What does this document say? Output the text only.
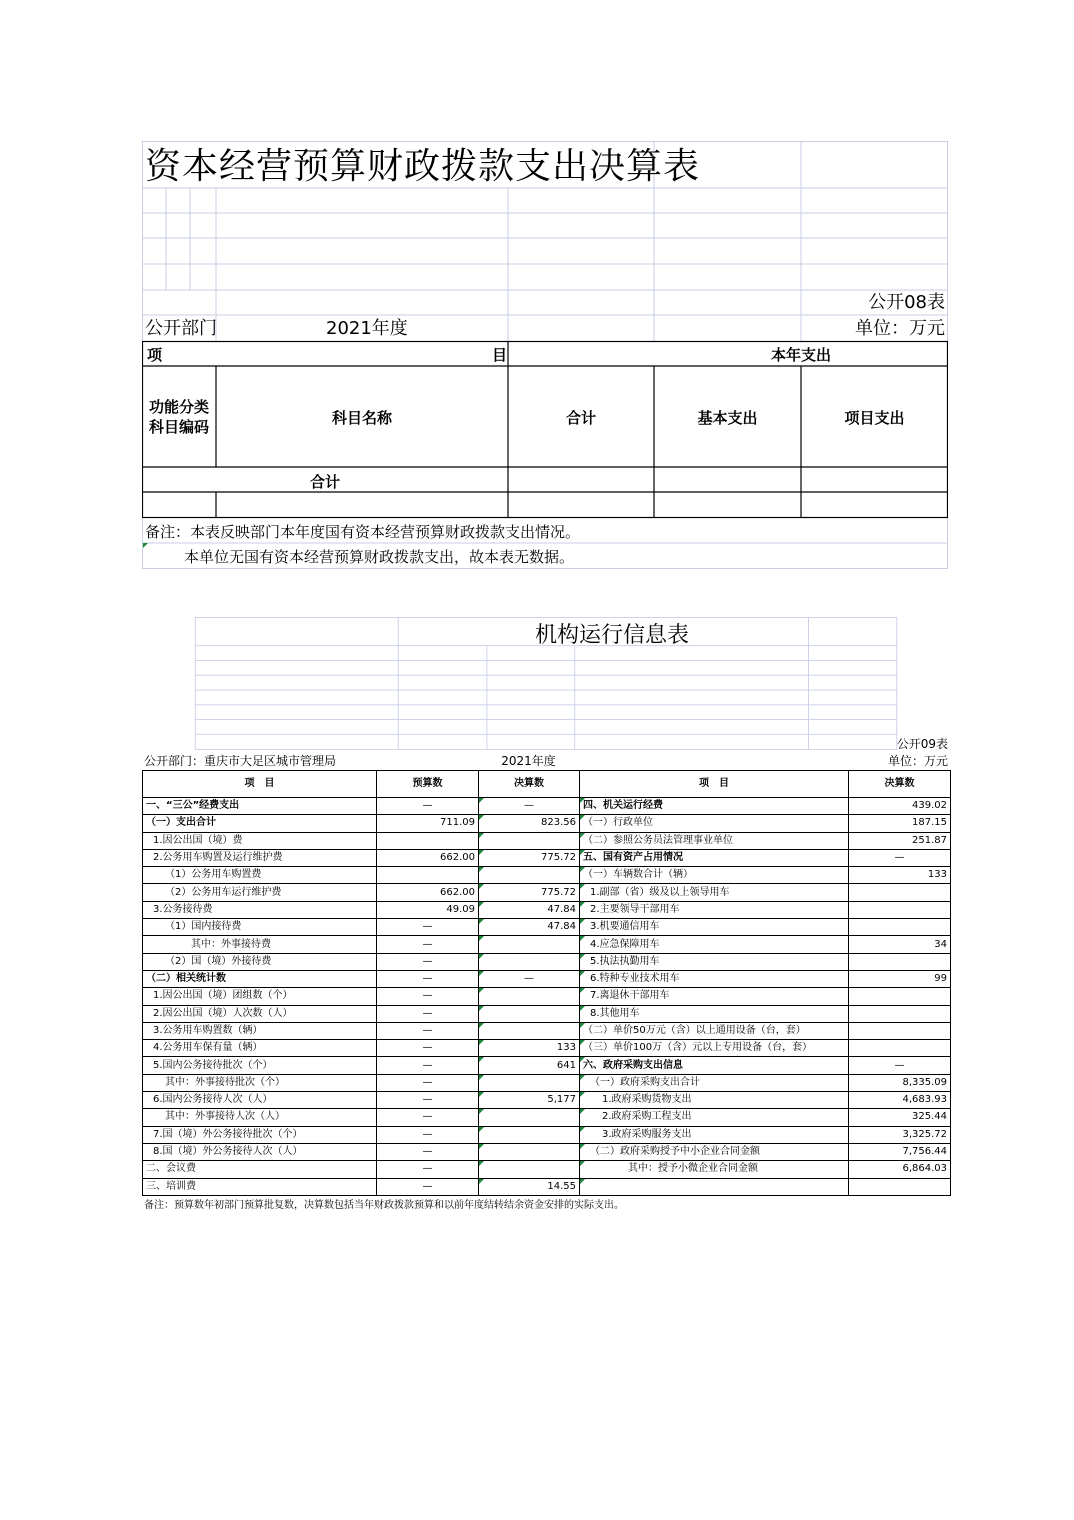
资本经营预算财政拨款支出决算表
公开08表
公开部门	2021年度	单位：万元
项	目	本年支出
功能分类
科目编码	科目名称	合计	基本支出	项目支出
合计
备注：本表反映部门本年度国有资本经营预算财政拨款支出情况。
本单位无国有资本经营预算财政拨款支出，故本表无数据。
机构运行信息表
公开09表
公开部门：重庆市大足区城市管理局	2021年度	单位：万元
项　目	预算数	决算数	项　目	决算数
一、“三公”经费支出	—	—	四、机关运行经费	439.02
（一）支出合计	711.09	823.56	（一）行政单位	187.15
1.因公出国（境）费			（二）参照公务员法管理事业单位	251.87
2.公务用车购置及运行维护费	662.00	775.72	五、国有资产占用情况	—
（1）公务用车购置费			（一）车辆数合计（辆）	133
（2）公务用车运行维护费	662.00	775.72	1.副部（省）级及以上领导用车	
3.公务接待费	49.09	47.84	2.主要领导干部用车	
（1）国内接待费	—	47.84	3.机要通信用车	
其中：外事接待费	—		4.应急保障用车	34
（2）国（境）外接待费	—		5.执法执勤用车	
（二）相关统计数	—	—	6.特种专业技术用车	99
1.因公出国（境）团组数（个）	—		7.离退休干部用车	
2.因公出国（境）人次数（人）	—		8.其他用车	
3.公务用车购置数（辆）	—		（二）单价50万元（含）以上通用设备（台，套）	
4.公务用车保有量（辆）	—	133	（三）单价100万（含）元以上专用设备（台，套）	
5.国内公务接待批次（个）	—	641	六、政府采购支出信息	—
其中：外事接待批次（个）	—		（一）政府采购支出合计	8,335.09
6.国内公务接待人次（人）	—	5,177	1.政府采购货物支出	4,683.93
其中：外事接待人次（人）	—		2.政府采购工程支出	325.44
7.国（境）外公务接待批次（个）	—		3.政府采购服务支出	3,325.72
8.国（境）外公务接待人次（人）	—		（二）政府采购授予中小企业合同金额	7,756.44
二、会议费	—		其中：授予小微企业合同金额	6,864.03
三、培训费	—	14.55		
备注：预算数年初部门预算批复数，决算数包括当年财政拨款预算和以前年度结转结余资金安排的实际支出。
